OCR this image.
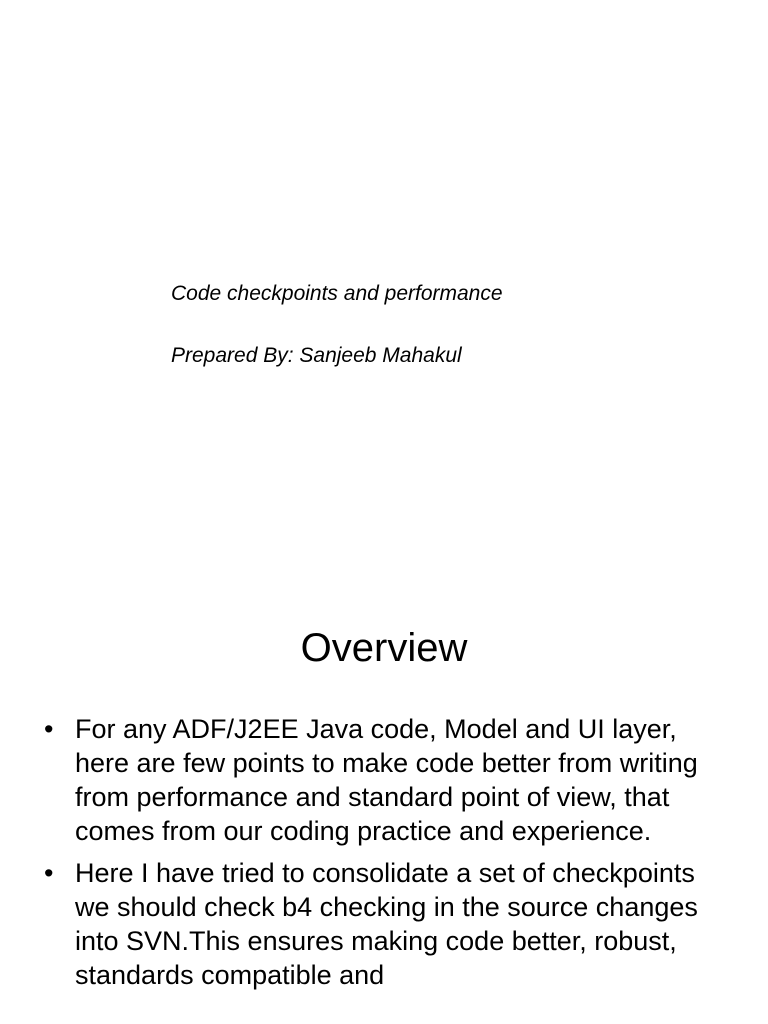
Code checkpoints and performance
Prepared By: Sanjeeb Mahakul
Overview
• For any ADF/J2EE Java code, Model and UI layer, here are few points to make code better from writing from performance and standard point of view, that comes from our coding practice and experience.
• Here I have tried to consolidate a set of checkpoints we should check b4 checking in the source changes into SVN.This ensures making code better, robust, standards compatible and
